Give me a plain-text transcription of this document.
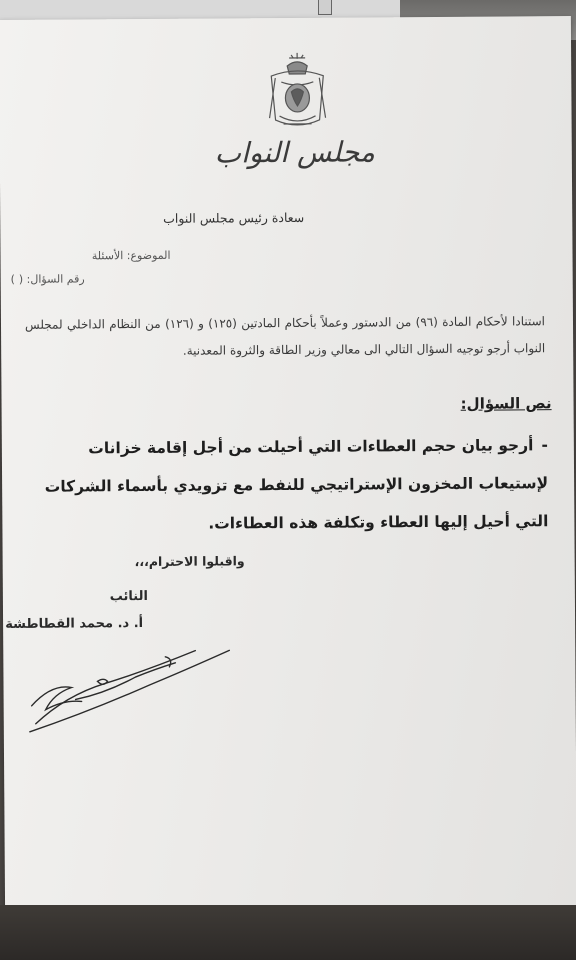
مجلس النواب
سعادة رئيس مجلس النواب
الموضوع: الأسئلة
رقم السؤال: ()
استنادا لأحكام المادة (٩٦) من الدستور وعملاً بأحكام المادتين (١٢٥) و (١٢٦) من النظام الداخلي لمجلس النواب أرجو توجيه السؤال التالي الى معالي وزير الطاقة والثروة المعدنية.
نص السؤال:
-أرجو بيان حجم العطاءات التي أحيلت من أجل إقامة خزانات لإستيعاب المخزون الإستراتيجي للنفط مع تزويدي بأسماء الشركات التي أحيل إليها العطاء وتكلفة هذه العطاءات.
واقبلوا الاحترام،،،
النائب
أ. د. محمد القطاطشة
